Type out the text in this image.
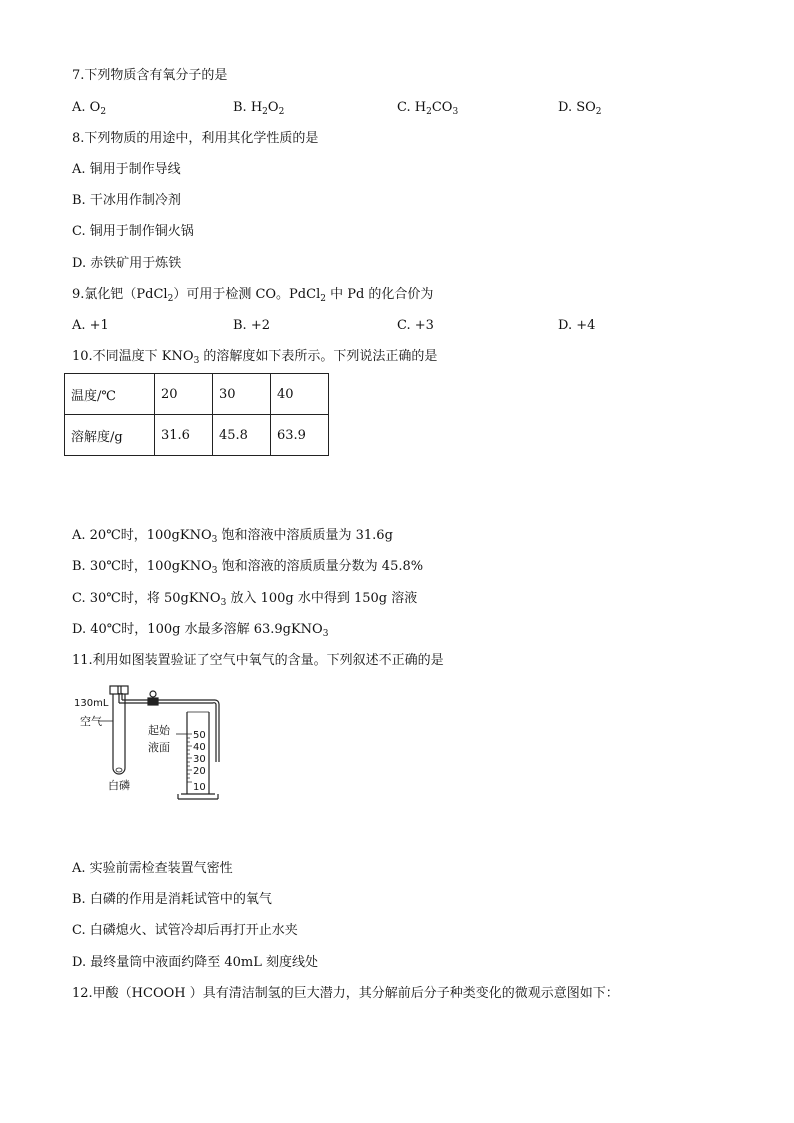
7.下列物质含有氧分子的是
A. $O_2$	B. $H_2O_2$	C. $H_2CO_3$	D. $SO_2$
8.下列物质的用途中，利用其化学性质的是
A. 铜用于制作导线
B. 干冰用作制冷剂
C. 铜用于制作铜火锅
D. 赤铁矿用于炼铁
9.氯化钯（PdCl$_2$）可用于检测 CO。PdCl$_2$ 中 Pd 的化合价为
A. +1	B. +2	C. +3	D. +4
10.不同温度下 $KNO_3$ 的溶解度如下表所示。下列说法正确的是
温度/℃	20	30	40
溶解度/g	31.6	45.8	63.9
A. 20℃时，100gKNO$_3$ 饱和溶液中溶质质量为 31.6g
B. 30℃时，100gKNO$_3$ 饱和溶液的溶质质量分数为 45.8%
C. 30℃时，将 50gKNO$_3$ 放入 100g 水中得到 150g 溶液
D. 40℃时，100g 水最多溶解 63.9gKNO$_3$
11.利用如图装置验证了空气中氧气的含量。下列叙述不正确的是
130mL
空气
起始
液面
白磷
50
40
30
20
10
A. 实验前需检查装置气密性
B. 白磷的作用是消耗试管中的氧气
C. 白磷熄火、试管冷却后再打开止水夹
D. 最终量筒中液面约降至 40mL 刻度线处
12.甲酸（HCOOH ）具有清洁制氢的巨大潜力，其分解前后分子种类变化的微观示意图如下：
